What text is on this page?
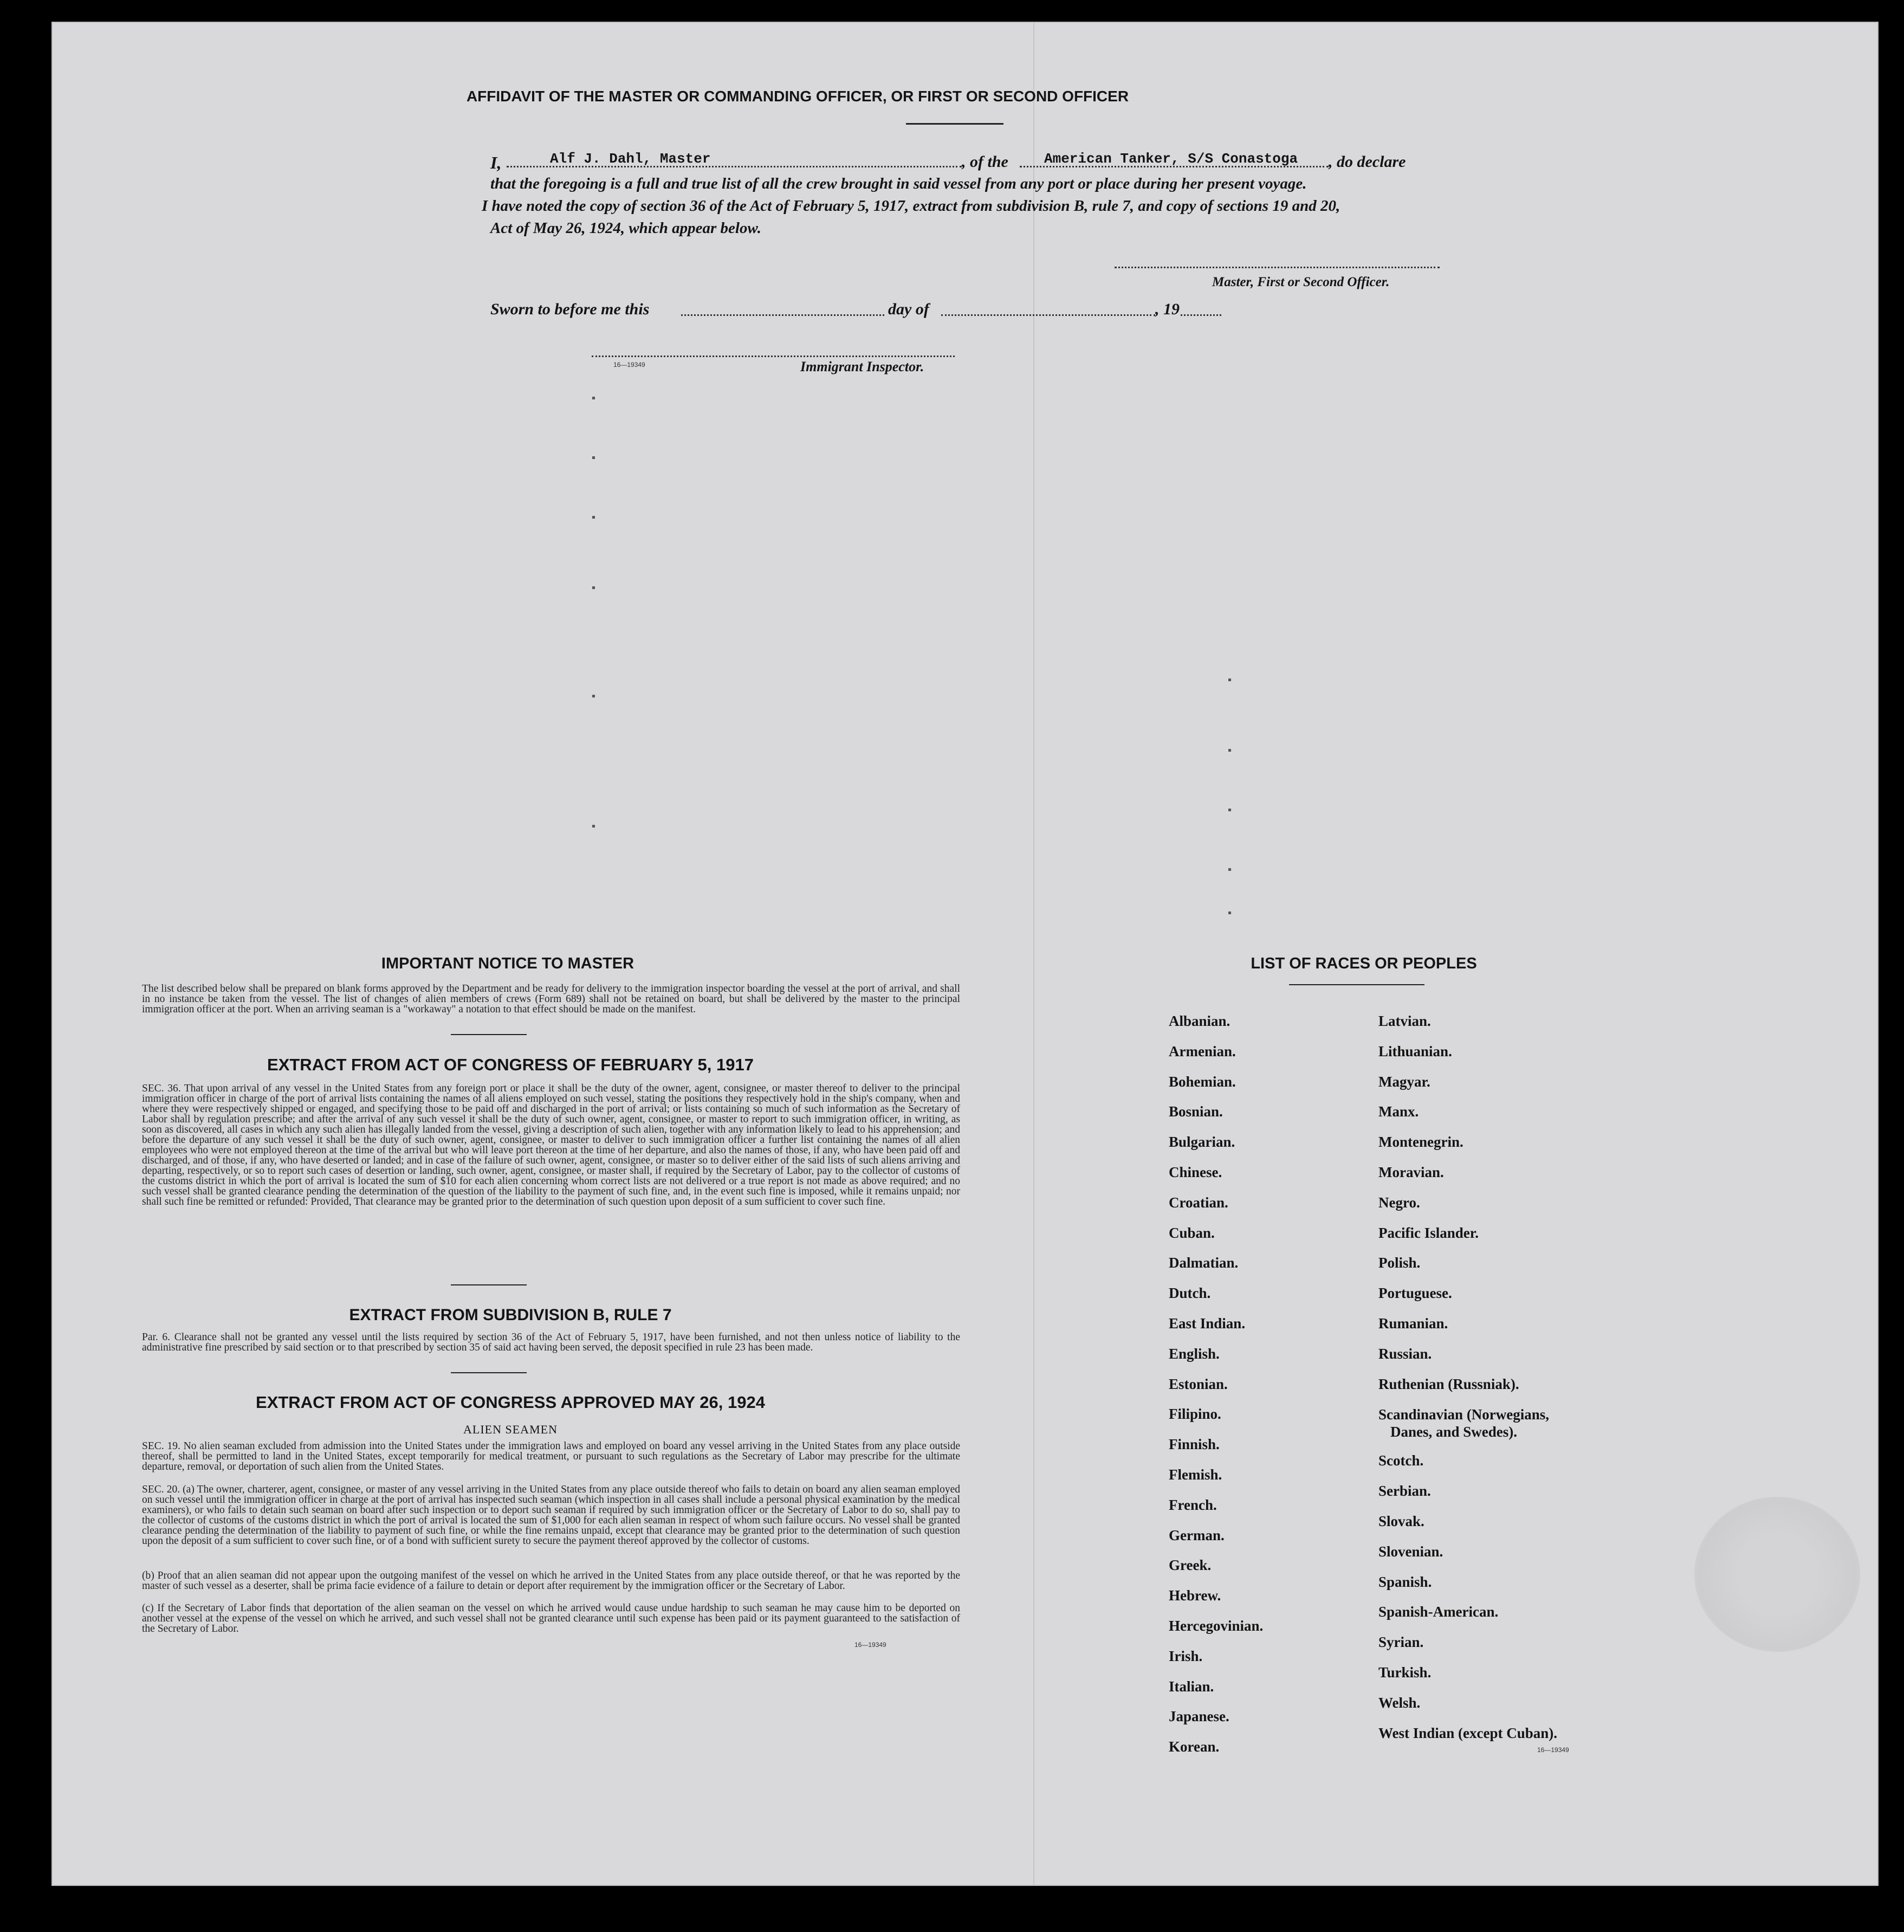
AFFIDAVIT OF THE MASTER OR COMMANDING OFFICER, OR FIRST OR SECOND OFFICER
I,	Alf J. Dahl, Master	, of the	American Tanker, S/S Conastoga , do declare
that the foregoing is a full and true list of all the crew brought in said vessel from any port or place during her present voyage.
I have noted the copy of section 36 of the Act of February 5, 1917, extract from subdivision B, rule 7, and copy of sections 19 and 20,
Act of May 26, 1924, which appear below.
Master, First or Second Officer.
Sworn to before me this	day of	, 19
16—19349	Immigrant Inspector.
IMPORTANT NOTICE TO MASTER
The list described below shall be prepared on blank forms approved by the Department and be ready for delivery to the immigration inspector boarding the vessel at the port of arrival, and shall in no instance be taken from the vessel. The list of changes of alien members of crews (Form 689) shall not be retained on board, but shall be delivered by the master to the principal immigration officer at the port. When an arriving seaman is a "workaway" a notation to that effect should be made on the manifest.
EXTRACT FROM ACT OF CONGRESS OF FEBRUARY 5, 1917
SEC. 36. That upon arrival of any vessel in the United States from any foreign port or place it shall be the duty of the owner, agent, consignee, or master thereof to deliver to the principal immigration officer in charge of the port of arrival lists containing the names of all aliens employed on such vessel, stating the positions they respectively hold in the ship's company, when and where they were respectively shipped or engaged, and specifying those to be paid off and discharged in the port of arrival; or lists containing so much of such information as the Secretary of Labor shall by regulation prescribe; and after the arrival of any such vessel it shall be the duty of such owner, agent, consignee, or master to report to such immigration officer, in writing, as soon as discovered, all cases in which any such alien has illegally landed from the vessel, giving a description of such alien, together with any information likely to lead to his apprehension; and before the departure of any such vessel it shall be the duty of such owner, agent, consignee, or master to deliver to such immigration officer a further list containing the names of all alien employees who were not employed thereon at the time of the arrival but who will leave port thereon at the time of her departure, and also the names of those, if any, who have been paid off and discharged, and of those, if any, who have deserted or landed; and in case of the failure of such owner, agent, consignee, or master so to deliver either of the said lists of such aliens arriving and departing, respectively, or so to report such cases of desertion or landing, such owner, agent, consignee, or master shall, if required by the Secretary of Labor, pay to the collector of customs of the customs district in which the port of arrival is located the sum of $10 for each alien concerning whom correct lists are not delivered or a true report is not made as above required; and no such vessel shall be granted clearance pending the determination of the question of the liability to the payment of such fine, and, in the event such fine is imposed, while it remains unpaid; nor shall such fine be remitted or refunded: Provided, That clearance may be granted prior to the determination of such question upon deposit of a sum sufficient to cover such fine.
EXTRACT FROM SUBDIVISION B, RULE 7
Par. 6. Clearance shall not be granted any vessel until the lists required by section 36 of the Act of February 5, 1917, have been furnished, and not then unless notice of liability to the administrative fine prescribed by said section or to that prescribed by section 35 of said act having been served, the deposit specified in rule 23 has been made.
EXTRACT FROM ACT OF CONGRESS APPROVED MAY 26, 1924
ALIEN SEAMEN
SEC. 19. No alien seaman excluded from admission into the United States under the immigration laws and employed on board any vessel arriving in the United States from any place outside thereof, shall be permitted to land in the United States, except temporarily for medical treatment, or pursuant to such regulations as the Secretary of Labor may prescribe for the ultimate departure, removal, or deportation of such alien from the United States.
SEC. 20. (a) The owner, charterer, agent, consignee, or master of any vessel arriving in the United States from any place outside thereof who fails to detain on board any alien seaman employed on such vessel until the immigration officer in charge at the port of arrival has inspected such seaman (which inspection in all cases shall include a personal physical examination by the medical examiners), or who fails to detain such seaman on board after such inspection or to deport such seaman if required by such immigration officer or the Secretary of Labor to do so, shall pay to the collector of customs of the customs district in which the port of arrival is located the sum of $1,000 for each alien seaman in respect of whom such failure occurs. No vessel shall be granted clearance pending the determination of the liability to payment of such fine, or while the fine remains unpaid, except that clearance may be granted prior to the determination of such question upon the deposit of a sum sufficient to cover such fine, or of a bond with sufficient surety to secure the payment thereof approved by the collector of customs.
(b) Proof that an alien seaman did not appear upon the outgoing manifest of the vessel on which he arrived in the United States from any place outside thereof, or that he was reported by the master of such vessel as a deserter, shall be prima facie evidence of a failure to detain or deport after requirement by the immigration officer or the Secretary of Labor.
(c) If the Secretary of Labor finds that deportation of the alien seaman on the vessel on which he arrived would cause undue hardship to such seaman he may cause him to be deported on another vessel at the expense of the vessel on which he arrived, and such vessel shall not be granted clearance until such expense has been paid or its payment guaranteed to the satisfaction of the Secretary of Labor.
16—19349
LIST OF RACES OR PEOPLES
Albanian.
Armenian.
Bohemian.
Bosnian.
Bulgarian.
Chinese.
Croatian.
Cuban.
Dalmatian.
Dutch.
East Indian.
English.
Estonian.
Filipino.
Finnish.
Flemish.
French.
German.
Greek.
Hebrew.
Hercegovinian.
Irish.
Italian.
Japanese.
Korean.
Latvian.
Lithuanian.
Magyar.
Manx.
Montenegrin.
Moravian.
Negro.
Pacific Islander.
Polish.
Portuguese.
Rumanian.
Russian.
Ruthenian (Russniak).
Scandinavian (Norwegians,
Danes, and Swedes).
Scotch.
Serbian.
Slovak.
Slovenian.
Spanish.
Spanish-American.
Syrian.
Turkish.
Welsh.
West Indian (except Cuban).
16—19349
